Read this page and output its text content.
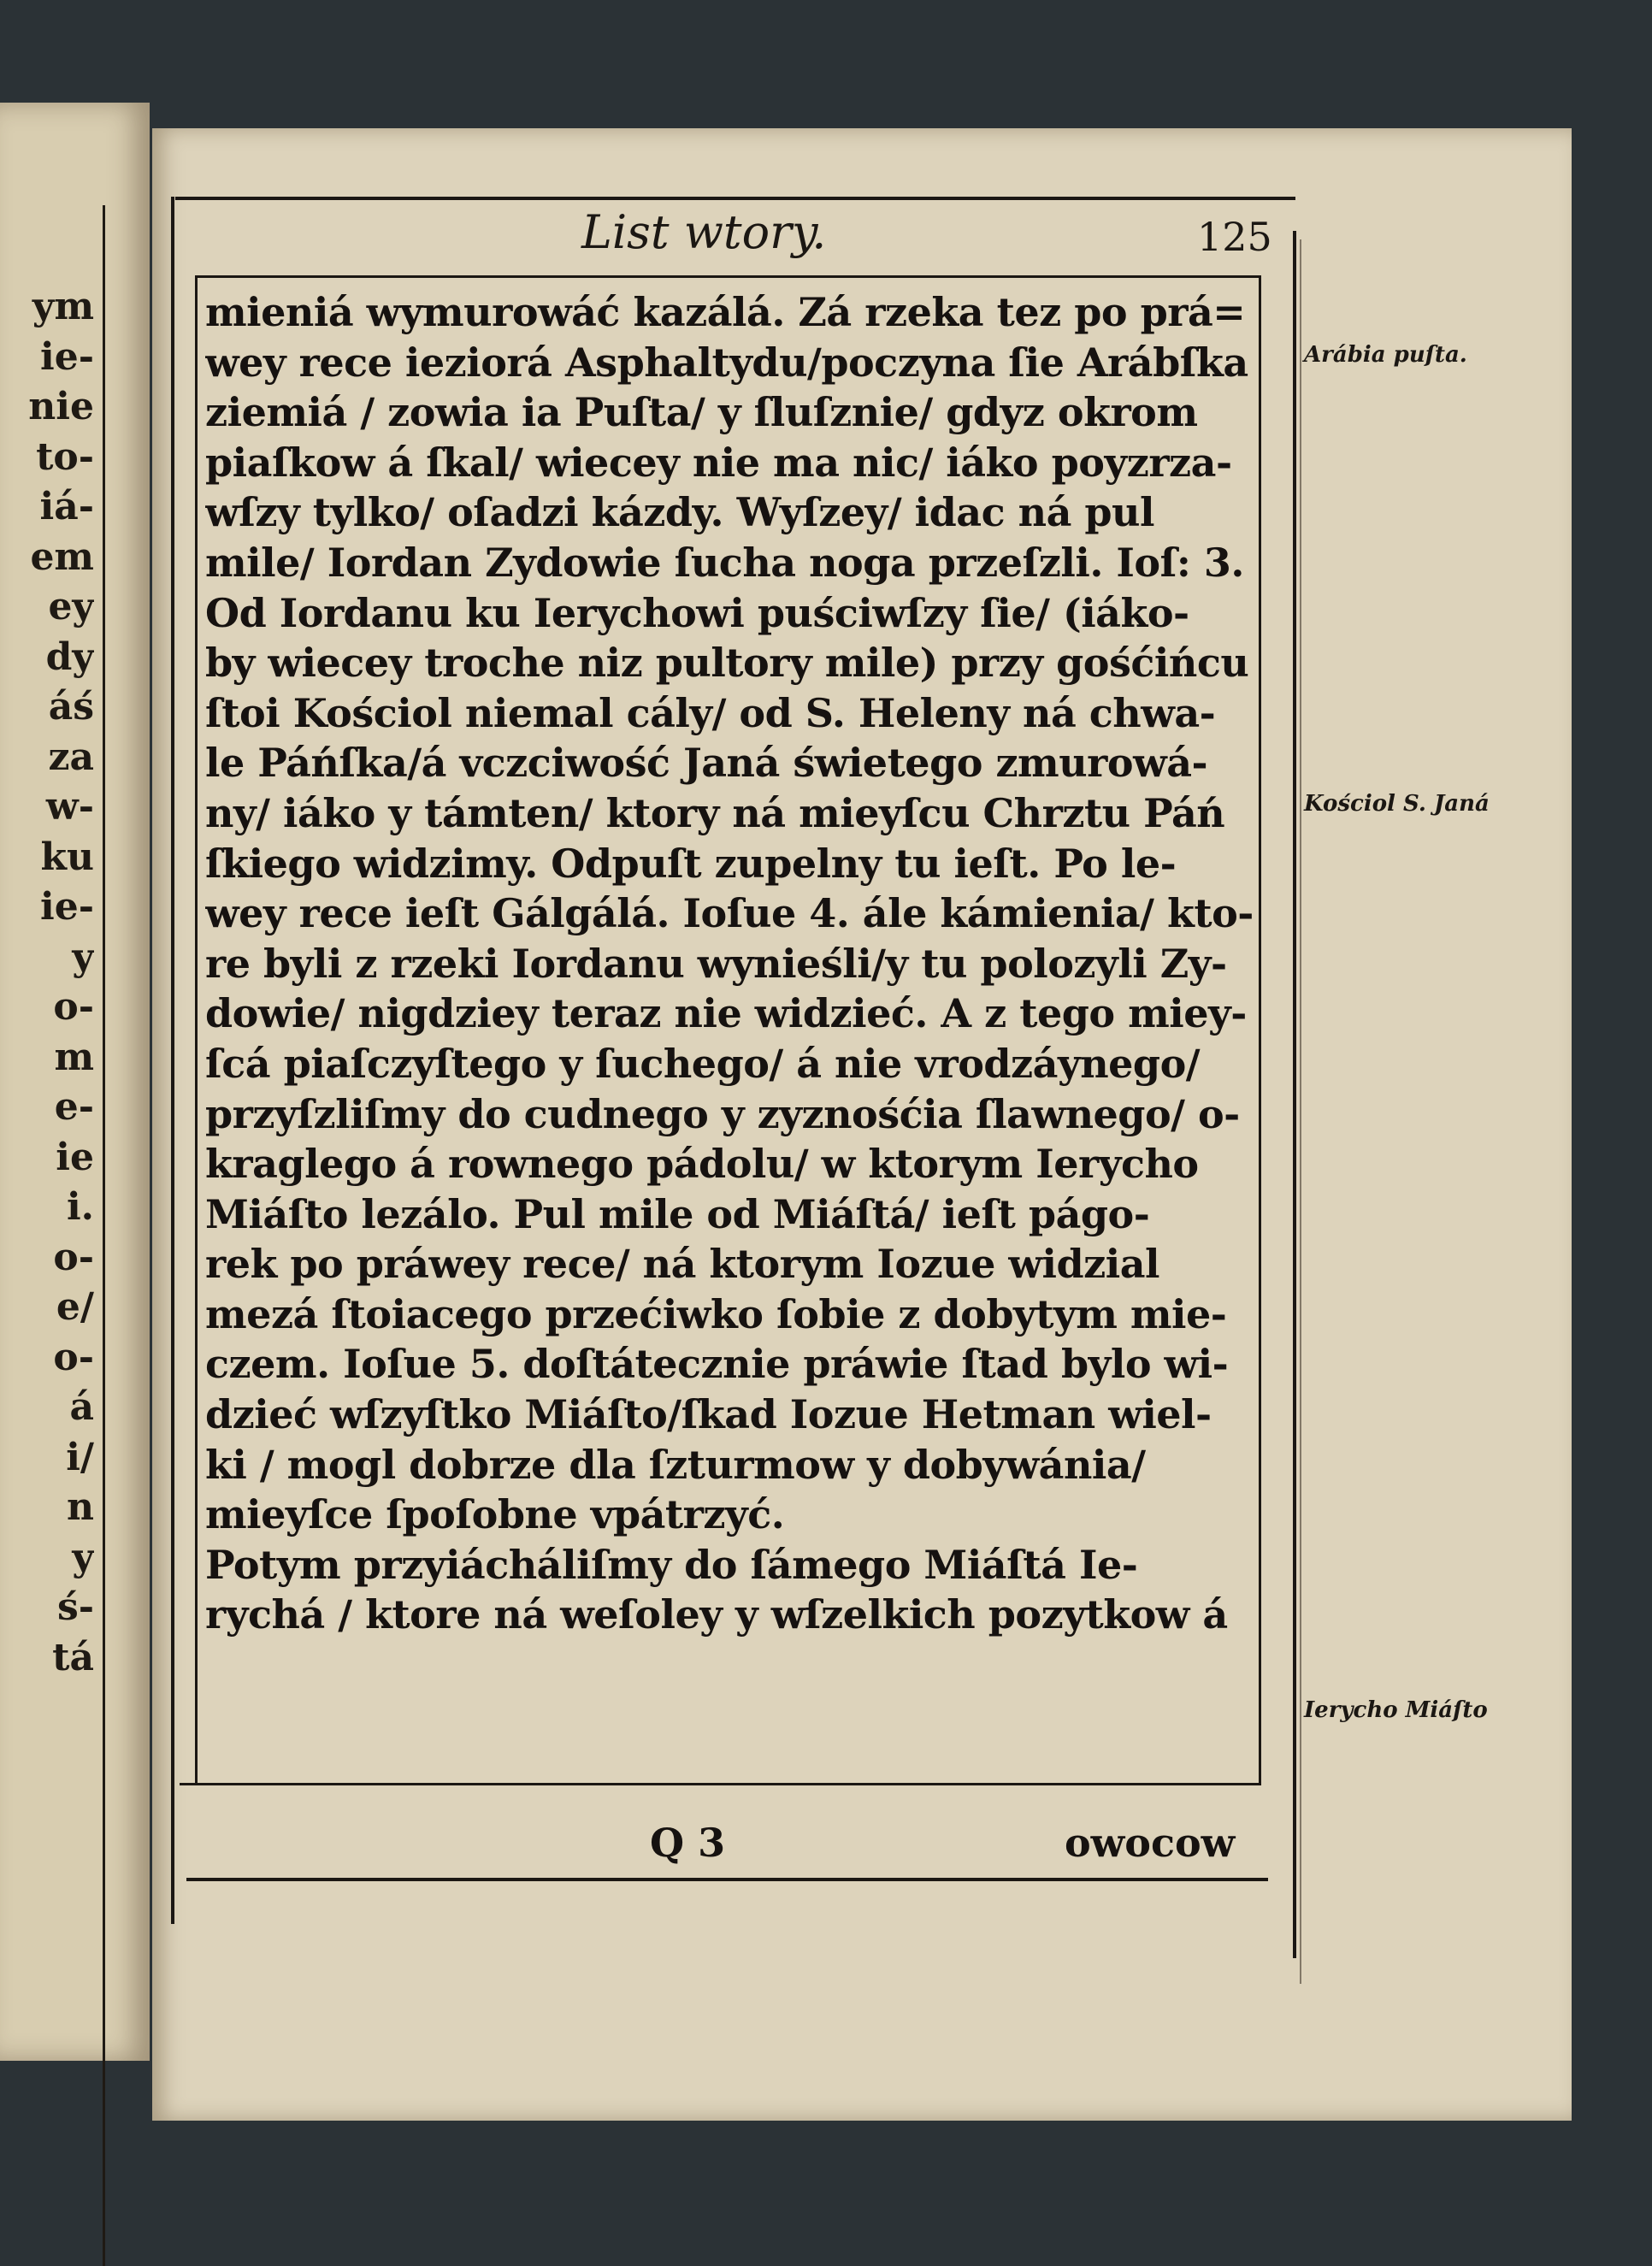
ym
ie-
nie
to-
iá-
em
ey
dy
áś
za
w-
ku
ie-
y
o-
m
e-
ie
i.
o-
e/
o-
á
i/
n
y
ś-
tá
List wtory.	125
mieniá wymurowáć kazálá. Zá rzeka tez po prá=
wey rece ieziorá Asphaltydu/poczyna ſie Arábſka
ziemiá / zowia ia Puſta/ y ſluſznie/ gdyz okrom
piaſkow á ſkal/ wiecey nie ma nic/ iáko poyzrza-
wſzy tylko/ oſadzi kázdy. Wyſzey/ idac ná pul
mile/ Iordan Zydowie ſucha noga przeſzli. Ioſ: 3.
Od Iordanu ku Ierychowi puściwſzy ſie/ (iáko-
by wiecey troche niz pultory mile) przy gośćińcu
ſtoi Kościol niemal cály/ od S. Heleny ná chwa-
le Páńſka/á vczciwość Janá świetego zmurowá-
ny/ iáko y támten/ ktory ná mieyſcu Chrztu Páń
ſkiego widzimy. Odpuſt zupelny tu ieſt. Po le-
wey rece ieſt Gálgálá. Ioſue 4. ále kámienia/ kto-
re byli z rzeki Iordanu wynieśli/y tu polozyli Zy-
dowie/ nigdziey teraz nie widzieć. A z tego miey-
ſcá piaſczyſtego y ſuchego/ á nie vrodzáynego/
przyſzliſmy do cudnego y zyznośćia ſlawnego/ o-
kraglego á rownego pádolu/ w ktorym Ierycho
Miáſto lezálo. Pul mile od Miáſtá/ ieſt págo-
rek po práwey rece/ ná ktorym Iozue widzial
mezá ſtoiacego przećiwko ſobie z dobytym mie-
czem. Ioſue 5. doſtátecznie práwie ſtad bylo wi-
dzieć wſzyſtko Miáſto/ſkad Iozue Hetman wiel-
ki / mogl dobrze dla ſzturmow y dobywánia/
mieyſce ſpoſobne vpátrzyć.
Potym przyiácháliſmy do ſámego Miáſtá Ie-
rychá / ktore ná weſoley y wſzelkich pozytkow á
Q 3	owocow
Arábia puſta.
Kościol S. Janá
Ierycho Miáſto
